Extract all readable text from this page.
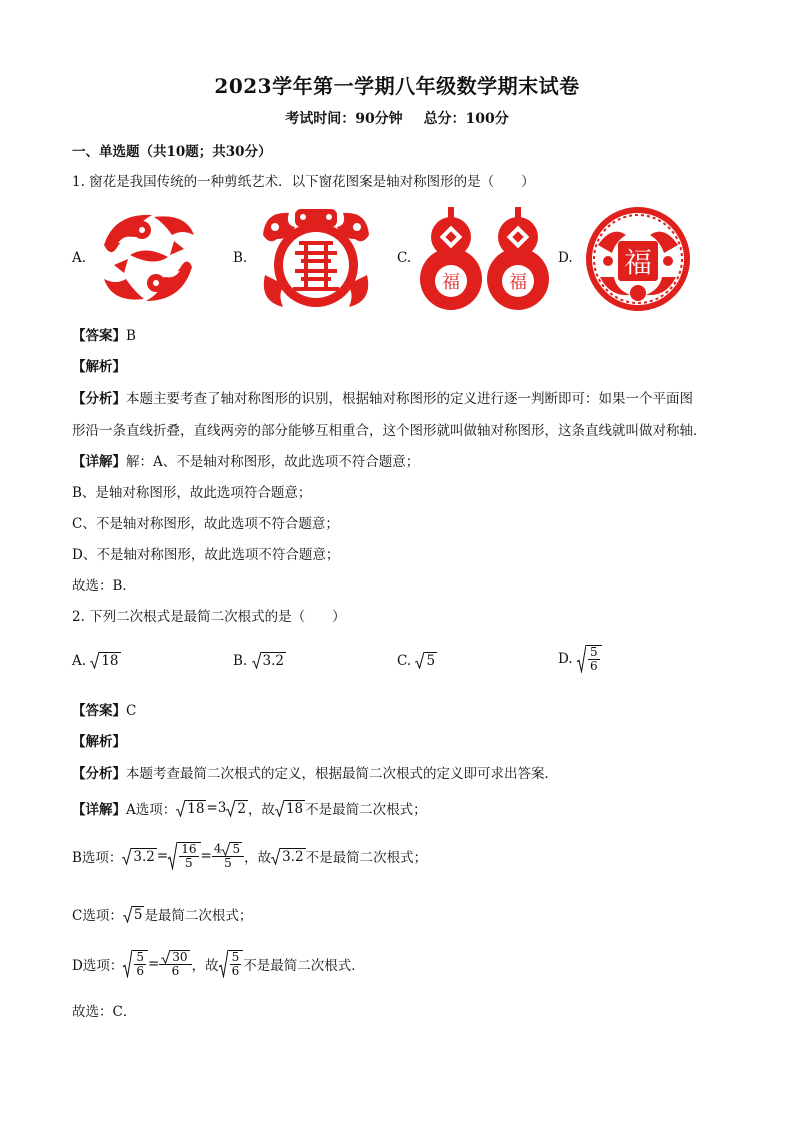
2023学年第一学期八年级数学期末试卷
考试时间：90分钟 总分：100分
一、单选题（共10题；共30分）
1. 窗花是我国传统的一种剪纸艺术．以下窗花图案是轴对称图形的是（　　）
A.	B.	C.
福	福
D. 福
【答案】B
【解析】
【分析】本题主要考查了轴对称图形的识别，根据轴对称图形的定义进行逐一判断即可：如果一个平面图
形沿一条直线折叠，直线两旁的部分能够互相重合，这个图形就叫做轴对称图形，这条直线就叫做对称轴．
【详解】解：A、不是轴对称图形，故此选项不符合题意；
B、是轴对称图形，故此选项符合题意；
C、不是轴对称图形，故此选项不符合题意；
D、不是轴对称图形，故此选项不符合题意；
故选：B．
2. 下列二次根式是最简二次根式的是（　　）
A.
18	B.
3.2	C.
5	D.
$\frac{5}{6}$
【答案】C
【解析】
【分析】本题考查最简二次根式的定义，根据最简二次根式的定义即可求出答案．
【详解】 A选项： 18 =3 2 ，故 18 不是最简二次根式；
B选项： $3.2 = \frac{16}{5} = \frac{4 5}{5}$ ，故 3.2 不是最简二次根式；
C选项： 5 是最简二次根式；
D选项： $\frac{5}{6} = \frac{30}{6}$ ，故 $\frac{5}{6}$ 不是最简二次根式．
故选：C．
